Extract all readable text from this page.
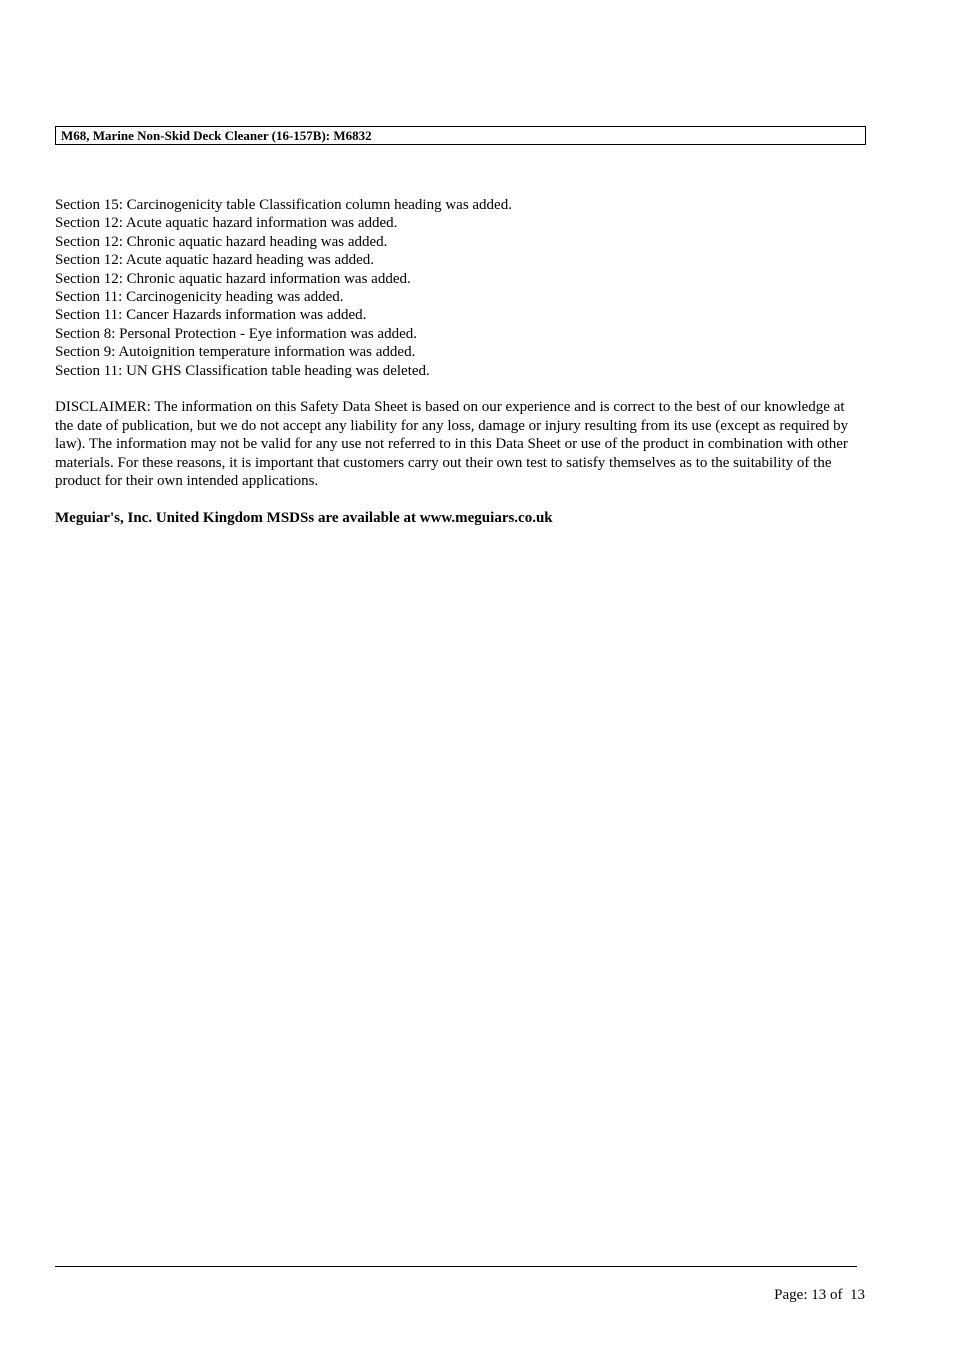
M68, Marine Non-Skid Deck Cleaner (16-157B): M6832
Section 15: Carcinogenicity table Classification column heading was added.
Section 12: Acute aquatic hazard information was added.
Section 12: Chronic aquatic hazard heading was added.
Section 12: Acute aquatic hazard heading was added.
Section 12: Chronic aquatic hazard information was added.
Section 11: Carcinogenicity heading was added.
Section 11: Cancer Hazards information was added.
Section 8: Personal Protection - Eye information was added.
Section 9: Autoignition temperature information was added.
Section 11: UN GHS Classification table heading was deleted.

DISCLAIMER: The information on this Safety Data Sheet is based on our experience and is correct to the best of our knowledge at the date of publication, but we do not accept any liability for any loss, damage or injury resulting from its use (except as required by law). The information may not be valid for any use not referred to in this Data Sheet or use of the product in combination with other materials. For these reasons, it is important that customers carry out their own test to satisfy themselves as to the suitability of the product for their own intended applications.

Meguiar's, Inc. United Kingdom MSDSs are available at www.meguiars.co.uk

Page: 13 of  13
